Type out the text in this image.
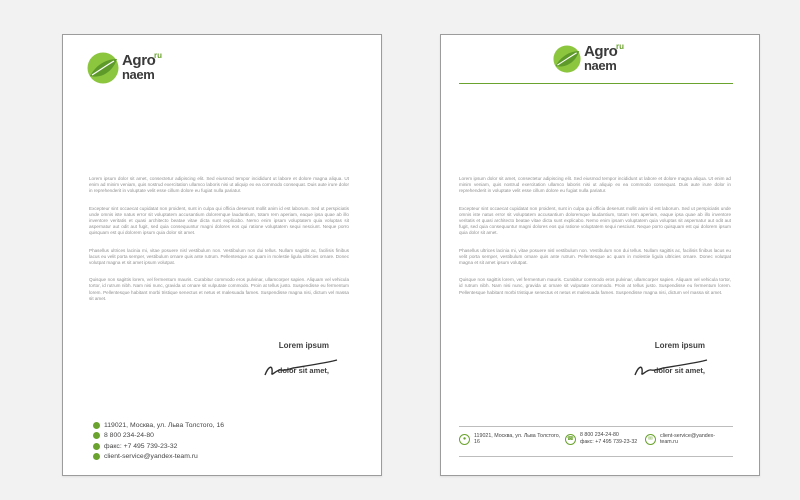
Agro
naem
ru

Lorem ipsum dolor sit amet, consectetur adipiscing elit. Sed eiusmod tempor incididunt ut labore et dolore magna aliqua. Ut enim ad minim veniam, quis nostrud exercitation ullamco laboris nisi ut aliquip ex ea commodo consequat. Duis aute irure dolor in reprehenderit in voluptate velit esse cillum dolore eu fugiat nulla pariatur.

Excepteur sint occaecat cupidatat non proident, sunt in culpa qui officia deserunt mollit anim id est laborum. Sed ut perspiciatis unde omnis iste natus error sit voluptatem accusantium doloremque laudantium, totam rem aperiam, eaque ipsa quae ab illo inventore veritatis et quasi architecto beatae vitae dicta sunt explicabo. Nemo enim ipsam voluptatem quia voluptas sit aspernatur aut odit aut fugit, sed quia consequuntur magni dolores eos qui ratione voluptatem sequi nesciunt. Neque porro quisquam est qui dolorem ipsum quia dolor sit amet.

Phasellus ultrices lacinia mi, vitae posuere nisl vestibulum non. Vestibulum non dui tellus. Nullam sagittis ac, facilisis finibus lacus eu velit porta semper, vestibulum ornare quis ante rutrum. Pellentesque ac quam in molestie ligula ultricies ornare. Donec volutpat magna et sit amet ipsum volutpat.

Quisque non sagittis lorem, vel fermentum mauris. Curabitur commodo eros pulvinar, ullamcorper sapien. Aliquam vel vehicula tortor, id rutrum nibh. Nam nisi nunc, gravida ut ornare sit vulputate commodo. Proin at tellus justo. Suspendisse eu fermentum lorem. Pellentesque habitant morbi tristique senectus et netus et malesuada fames. Suspendisse magna nisi, dictum vel massa sit amet.

Lorem ipsum
dolor sit amet,
119021, Москва, ул. Льва Толстого, 16
8 800 234-24-80
факс: +7 495 739-23-32
client-service@yandex-team.ru
Agro
naem
ru

Lorem ipsum dolor sit amet, consectetur adipiscing elit. Sed eiusmod tempor incididunt ut labore et dolore magna aliqua. Ut enim ad minim veniam, quis nostrud exercitation ullamco laboris nisi ut aliquip ex ea commodo consequat. Duis aute irure dolor in reprehenderit in voluptate velit esse cillum dolore eu fugiat nulla pariatur.

Excepteur sint occaecat cupidatat non proident, sunt in culpa qui officia deserunt mollit anim id est laborum. Sed ut perspiciatis unde omnis iste natus error sit voluptatem accusantium doloremque laudantium, totam rem aperiam, eaque ipsa quae ab illo inventore veritatis et quasi architecto beatae vitae dicta sunt explicabo. Nemo enim ipsam voluptatem quia voluptas sit aspernatur aut odit aut fugit, sed quia consequuntur magni dolores eos qui ratione voluptatem sequi nesciunt. Neque porro quisquam est qui dolorem ipsum quia dolor sit amet.

Phasellus ultrices lacinia mi, vitae posuere nisl vestibulum non. Vestibulum non dui tellus. Nullam sagittis ac, facilisis finibus lacus eu velit porta semper, vestibulum ornare quis ante rutrum. Pellentesque ac quam in molestie ligula ultricies ornare. Donec volutpat magna et sit amet ipsum volutpat.

Quisque non sagittis lorem, vel fermentum mauris. Curabitur commodo eros pulvinar, ullamcorper sapien. Aliquam vel vehicula tortor, id rutrum nibh. Nam nisi nunc, gravida ut ornare sit vulputate commodo. Proin at tellus justo. Suspendisse eu fermentum lorem. Pellentesque habitant morbi tristique senectus et netus et malesuada fames. Suspendisse magna nisi, dictum vel massa sit amet.

Lorem ipsum
dolor sit amet,
●	119021, Москва, ул. Льва Толстого, 16	☎
8 800 234-24-80
факс: +7 495 739-23-32	✉	client-service@yandex-team.ru
